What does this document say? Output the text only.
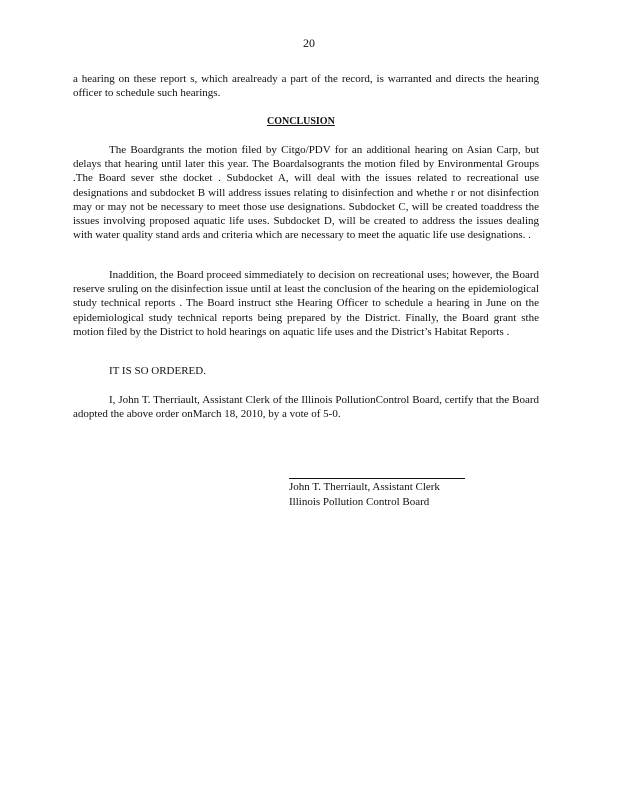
20
a hearing on these report s, which arealready a part of the record, is warranted and directs the hearing officer to schedule such hearings.
CONCLUSION
The Boardgrants the motion filed by Citgo/PDV for an additional hearing on Asian Carp, but delays that hearing until later this year. The Boardalsogrants the motion filed by Environmental Groups .The Board sever sthe docket . Subdocket A, will deal with the issues related to recreational use designations and subdocket B will address issues relating to disinfection and whethe r or not disinfection may or may not be necessary to meet those use designations. Subdocket C, will be created toaddress the issues involving proposed aquatic life uses. Subdocket D, will be created to address the issues dealing with water quality stand ards and criteria which are necessary to meet the aquatic life use designations. .
Inaddition, the Board proceed simmediately to decision on recreational uses; however, the Board reserve sruling on the disinfection issue until at least the conclusion of the hearing on the epidemiological study technical reports . The Board instruct sthe Hearing Officer to schedule a hearing in June on the epidemiological study technical reports being prepared by the District. Finally, the Board grant sthe motion filed by the District to hold hearings on aquatic life uses and the District’s Habitat Reports .
IT IS SO ORDERED.
I, John T. Therriault, Assistant Clerk of the Illinois PollutionControl Board, certify that the Board adopted the above order onMarch 18, 2010, by a vote of 5-0.
John T. Therriault, Assistant Clerk
Illinois Pollution Control Board
